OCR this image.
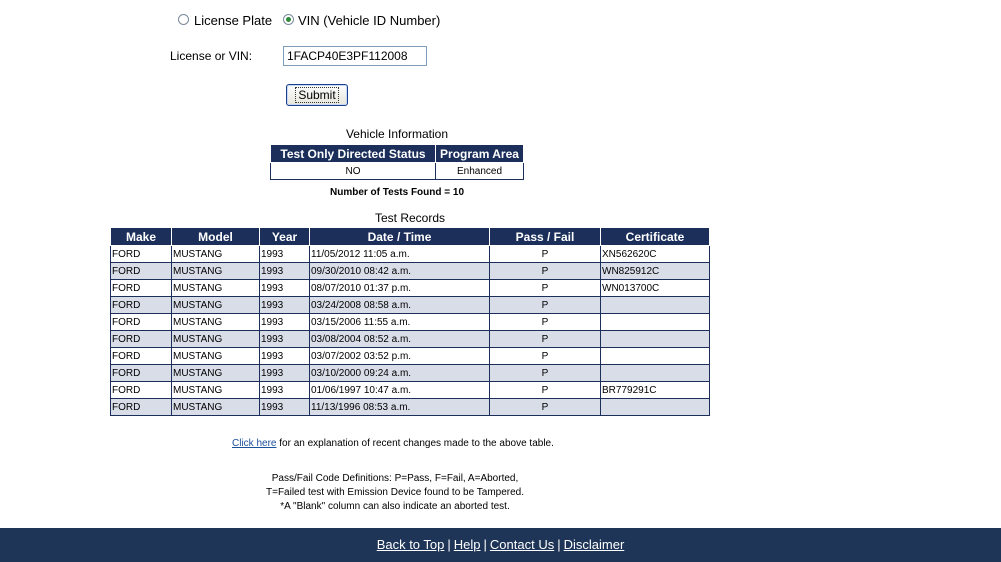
License Plate VIN (Vehicle ID Number)
License or VIN:
1FACP40E3PF112008
Submit
Vehicle Information
Test Only Directed Status	Program Area
NO	Enhanced
Number of Tests Found = 10
Test Records
Make	Model	Year	Date / Time	Pass / Fail	Certificate
FORD	MUSTANG	1993	11/05/2012 11:05 a.m.	P	XN562620C
FORD	MUSTANG	1993	09/30/2010 08:42 a.m.	P	WN825912C
FORD	MUSTANG	1993	08/07/2010 01:37 p.m.	P	WN013700C
FORD	MUSTANG	1993	03/24/2008 08:58 a.m.	P	
FORD	MUSTANG	1993	03/15/2006 11:55 a.m.	P	
FORD	MUSTANG	1993	03/08/2004 08:52 a.m.	P	
FORD	MUSTANG	1993	03/07/2002 03:52 p.m.	P	
FORD	MUSTANG	1993	03/10/2000 09:24 a.m.	P	
FORD	MUSTANG	1993	01/06/1997 10:47 a.m.	P	BR779291C
FORD	MUSTANG	1993	11/13/1996 08:53 a.m.	P	
Click here for an explanation of recent changes made to the above table.
Pass/Fail Code Definitions: P=Pass, F=Fail, A=Aborted,
T=Failed test with Emission Device found to be Tampered.
*A "Blank" column can also indicate an aborted test.
Back to Top | Help | Contact Us | Disclaimer
